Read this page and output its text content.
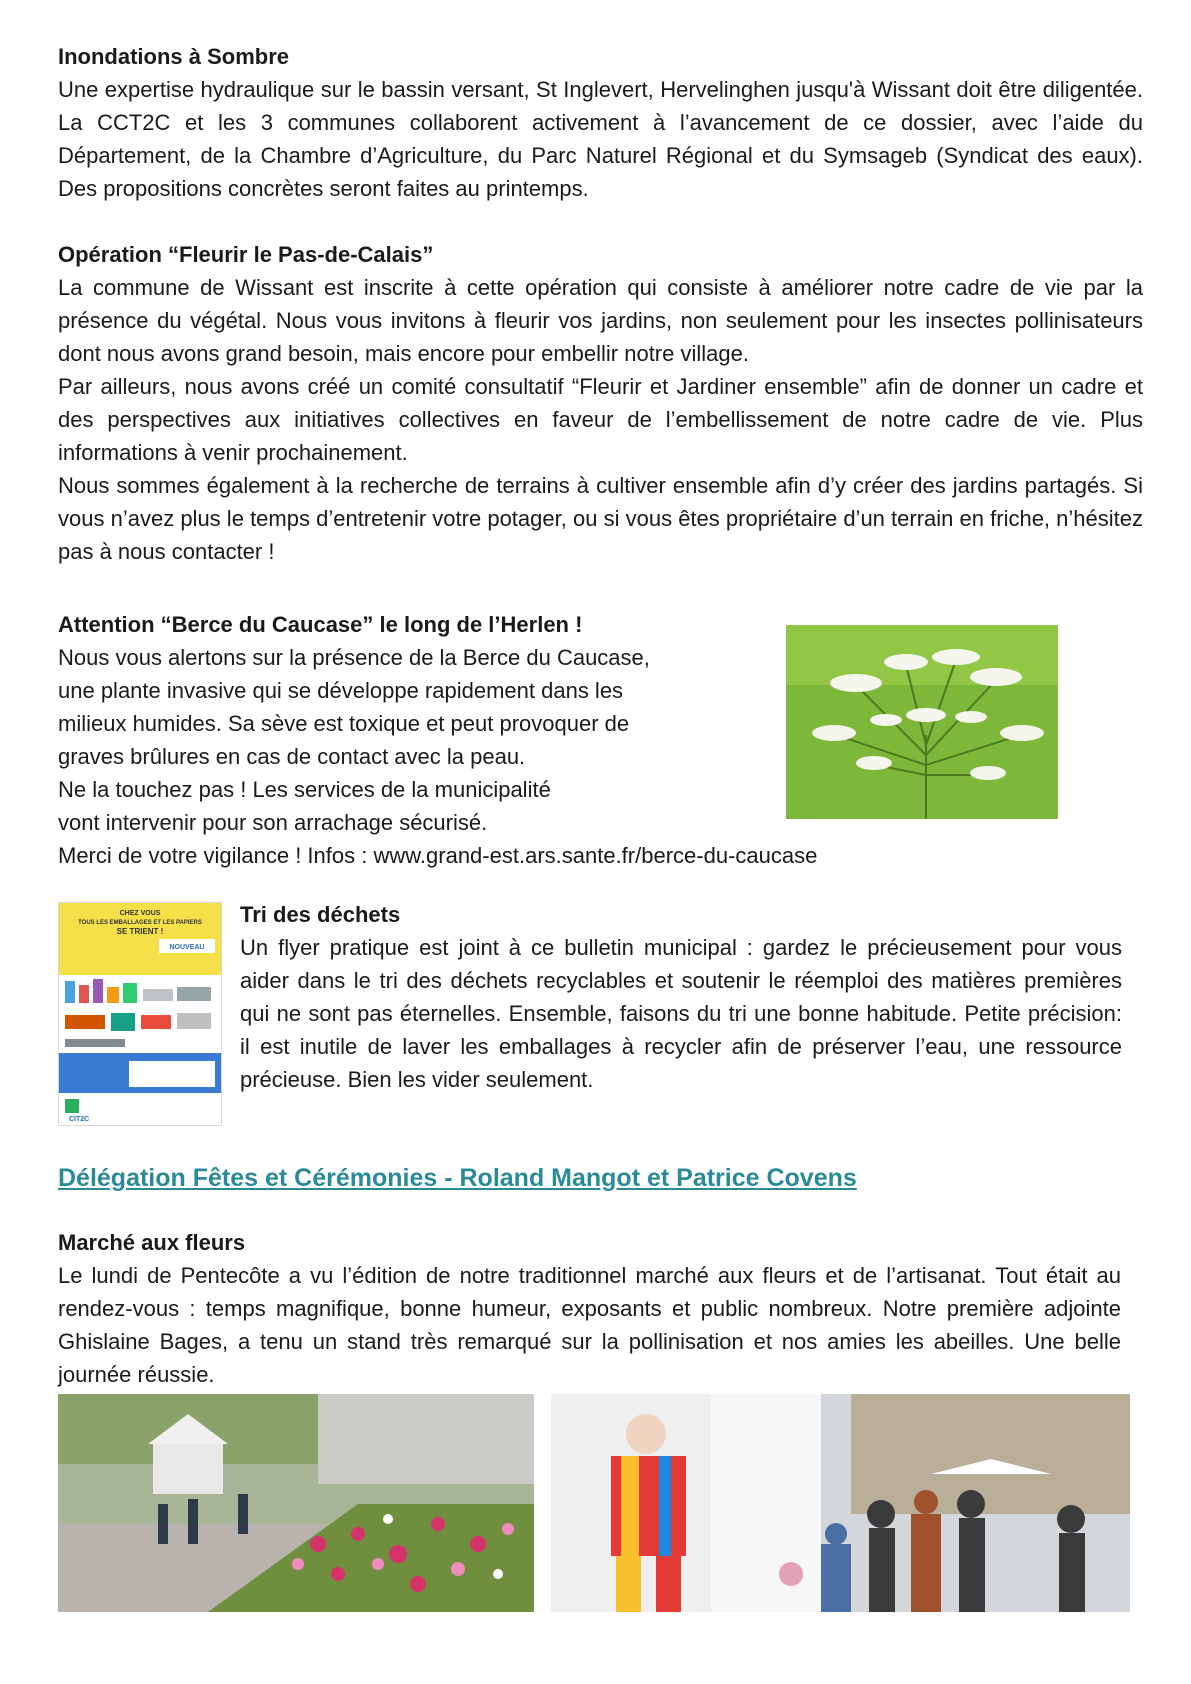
Inondations à Sombre

Une expertise hydraulique sur le bassin versant, St Inglevert, Hervelinghen jusqu'à Wissant doit être diligentée. La CCT2C et les 3 communes collaborent activement à l’avancement de ce dossier, avec l’aide du Département, de la Chambre d’Agriculture, du Parc Naturel Régional et du Symsageb (Syndicat des eaux). Des propositions concrètes seront faites au printemps.

Opération “Fleurir le Pas-de-Calais”

La commune de Wissant est inscrite à cette opération qui consiste à améliorer notre cadre de vie par la présence du végétal. Nous vous invitons à fleurir vos jardins, non seulement pour les insectes pollinisateurs dont nous avons grand besoin, mais encore pour embellir notre village.

Par ailleurs, nous avons créé un comité consultatif “Fleurir et Jardiner ensemble” afin de donner un cadre et des perspectives aux initiatives collectives en faveur de l’embellissement de notre cadre de vie. Plus informations à venir prochainement.

Nous sommes également à la recherche de terrains à cultiver ensemble afin d’y créer des jardins partagés. Si vous n’avez plus le temps d’entretenir votre potager, ou si vous êtes propriétaire d’un terrain en friche, n’hésitez pas à nous contacter !

Attention “Berce du Caucase” le long de l’Herlen !

Nous vous alertons sur la présence de la Berce du Caucase,

une plante invasive qui se développe rapidement dans les

milieux humides. Sa sève est toxique et peut provoquer de

graves brûlures en cas de contact avec la peau.

Ne la touchez pas ! Les services de la municipalité

vont intervenir pour son arrachage sécurisé.

Merci de votre vigilance ! Infos : www.grand-est.ars.sante.fr/berce-du-caucase

CHEZ VOUS
TOUS LES EMBALLAGES ET LES PAPIERS
SE TRIENT !
NOUVEAU
CIT2C

Tri des déchets

Un flyer pratique est joint à ce bulletin municipal : gardez le précieusement pour vous aider dans le tri des déchets recyclables et soutenir le réemploi des matières premières qui ne sont pas éternelles. Ensemble, faisons du tri une bonne habitude. Petite précision: il est inutile de laver les emballages à recycler afin de préserver l’eau, une ressource précieuse. Bien les vider seulement.

Délégation Fêtes et Cérémonies - Roland Mangot et Patrice Covens

Marché aux fleurs

Le lundi de Pentecôte a vu l’édition de notre traditionnel marché aux fleurs et de l’artisanat. Tout était au rendez-vous : temps magnifique, bonne humeur, exposants et public nombreux. Notre première adjointe Ghislaine Bages, a tenu un stand très remarqué sur la pollinisation et nos amies les abeilles. Une belle journée réussie.
